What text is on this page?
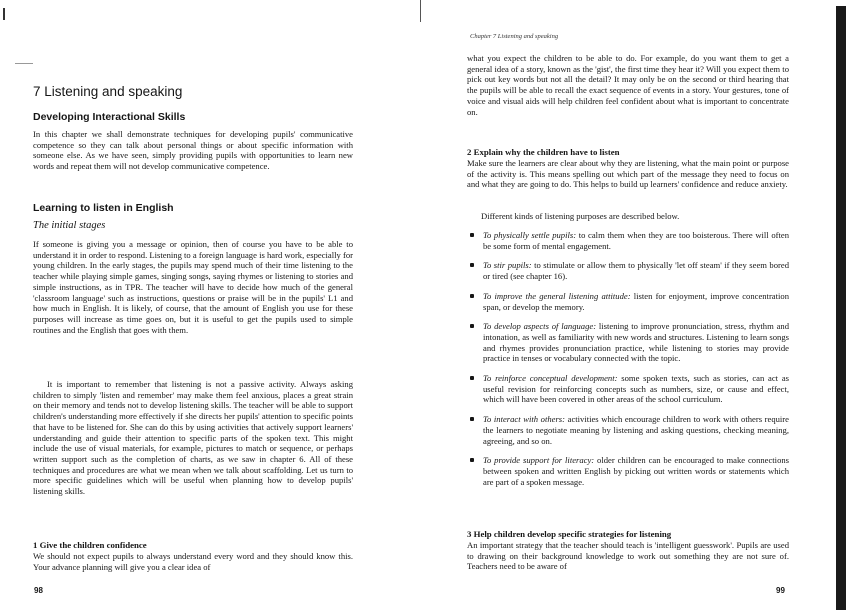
7 Listening and speaking
Developing Interactional Skills

In this chapter we shall demonstrate techniques for developing pupils' communicative competence so they can talk about personal things or about specific information with someone else. As we have seen, simply providing pupils with opportunities to learn new words and repeat them will not develop communicative competence.

Learning to listen in English
The initial stages

If someone is giving you a message or opinion, then of course you have to be able to understand it in order to respond. Listening to a foreign language is hard work, especially for young children. In the early stages, the pupils may spend much of their time listening to the teacher while playing simple games, singing songs, saying rhymes or listening to stories and simple instructions, as in TPR. The teacher will have to decide how much of the general 'classroom language' such as instructions, questions or praise will be in the pupils' L1 and how much in English. It is likely, of course, that the amount of English you use for these purposes will increase as time goes on, but it is useful to get the pupils used to simple routines and the English that goes with them.

It is important to remember that listening is not a passive activity. Always asking children to simply 'listen and remember' may make them feel anxious, places a great strain on their memory and tends not to develop listening skills. The teacher will be able to support children's understanding more effectively if she directs her pupils' attention to specific points that have to be listened for. She can do this by using activities that actively support learners' understanding and guide their attention to specific parts of the spoken text. This might include the use of visual materials, for example, pictures to match or sequence, or perhaps written support such as the completion of charts, as we saw in chapter 6. All of these techniques and procedures are what we mean when we talk about scaffolding. Let us turn to more specific guidelines which will be useful when planning how to develop pupils' listening skills.

1 Give the children confidence

We should not expect pupils to always understand every word and they should know this. Your advance planning will give you a clear idea of

98
Chapter 7 Listening and speaking

what you expect the children to be able to do. For example, do you want them to get a general idea of a story, known as the 'gist', the first time they hear it? Will you expect them to pick out key words but not all the detail? It may only be on the second or third hearing that the pupils will be able to recall the exact sequence of events in a story. Your gestures, tone of voice and visual aids will help children feel confident about what is important to concentrate on.

2 Explain why the children have to listen

Make sure the learners are clear about why they are listening, what the main point or purpose of the activity is. This means spelling out which part of the message they need to focus on and what they are going to do. This helps to build up learners' confidence and reduce anxiety.

Different kinds of listening purposes are described below.

To physically settle pupils: to calm them when they are too boisterous. There will often be some form of mental engagement.
To stir pupils: to stimulate or allow them to physically 'let off steam' if they seem bored or tired (see chapter 16).
To improve the general listening attitude: listen for enjoyment, improve concentration span, or develop the memory.
To develop aspects of language: listening to improve pronunciation, stress, rhythm and intonation, as well as familiarity with new words and structures. Listening to learn songs and rhymes provides pronunciation practice, while listening to stories may provide practice in tenses or vocabulary connected with the topic.
To reinforce conceptual development: some spoken texts, such as stories, can act as useful revision for reinforcing concepts such as numbers, size, or cause and effect, which will have been covered in other areas of the school curriculum.
To interact with others: activities which encourage children to work with others require the learners to negotiate meaning by listening and asking questions, checking meaning, agreeing, and so on.
To provide support for literacy: older children can be encouraged to make connections between spoken and written English by picking out written words or statements which are part of a spoken message.
3 Help children develop specific strategies for listening

An important strategy that the teacher should teach is 'intelligent guesswork'. Pupils are used to drawing on their background knowledge to work out something they are not sure of. Teachers need to be aware of

99
